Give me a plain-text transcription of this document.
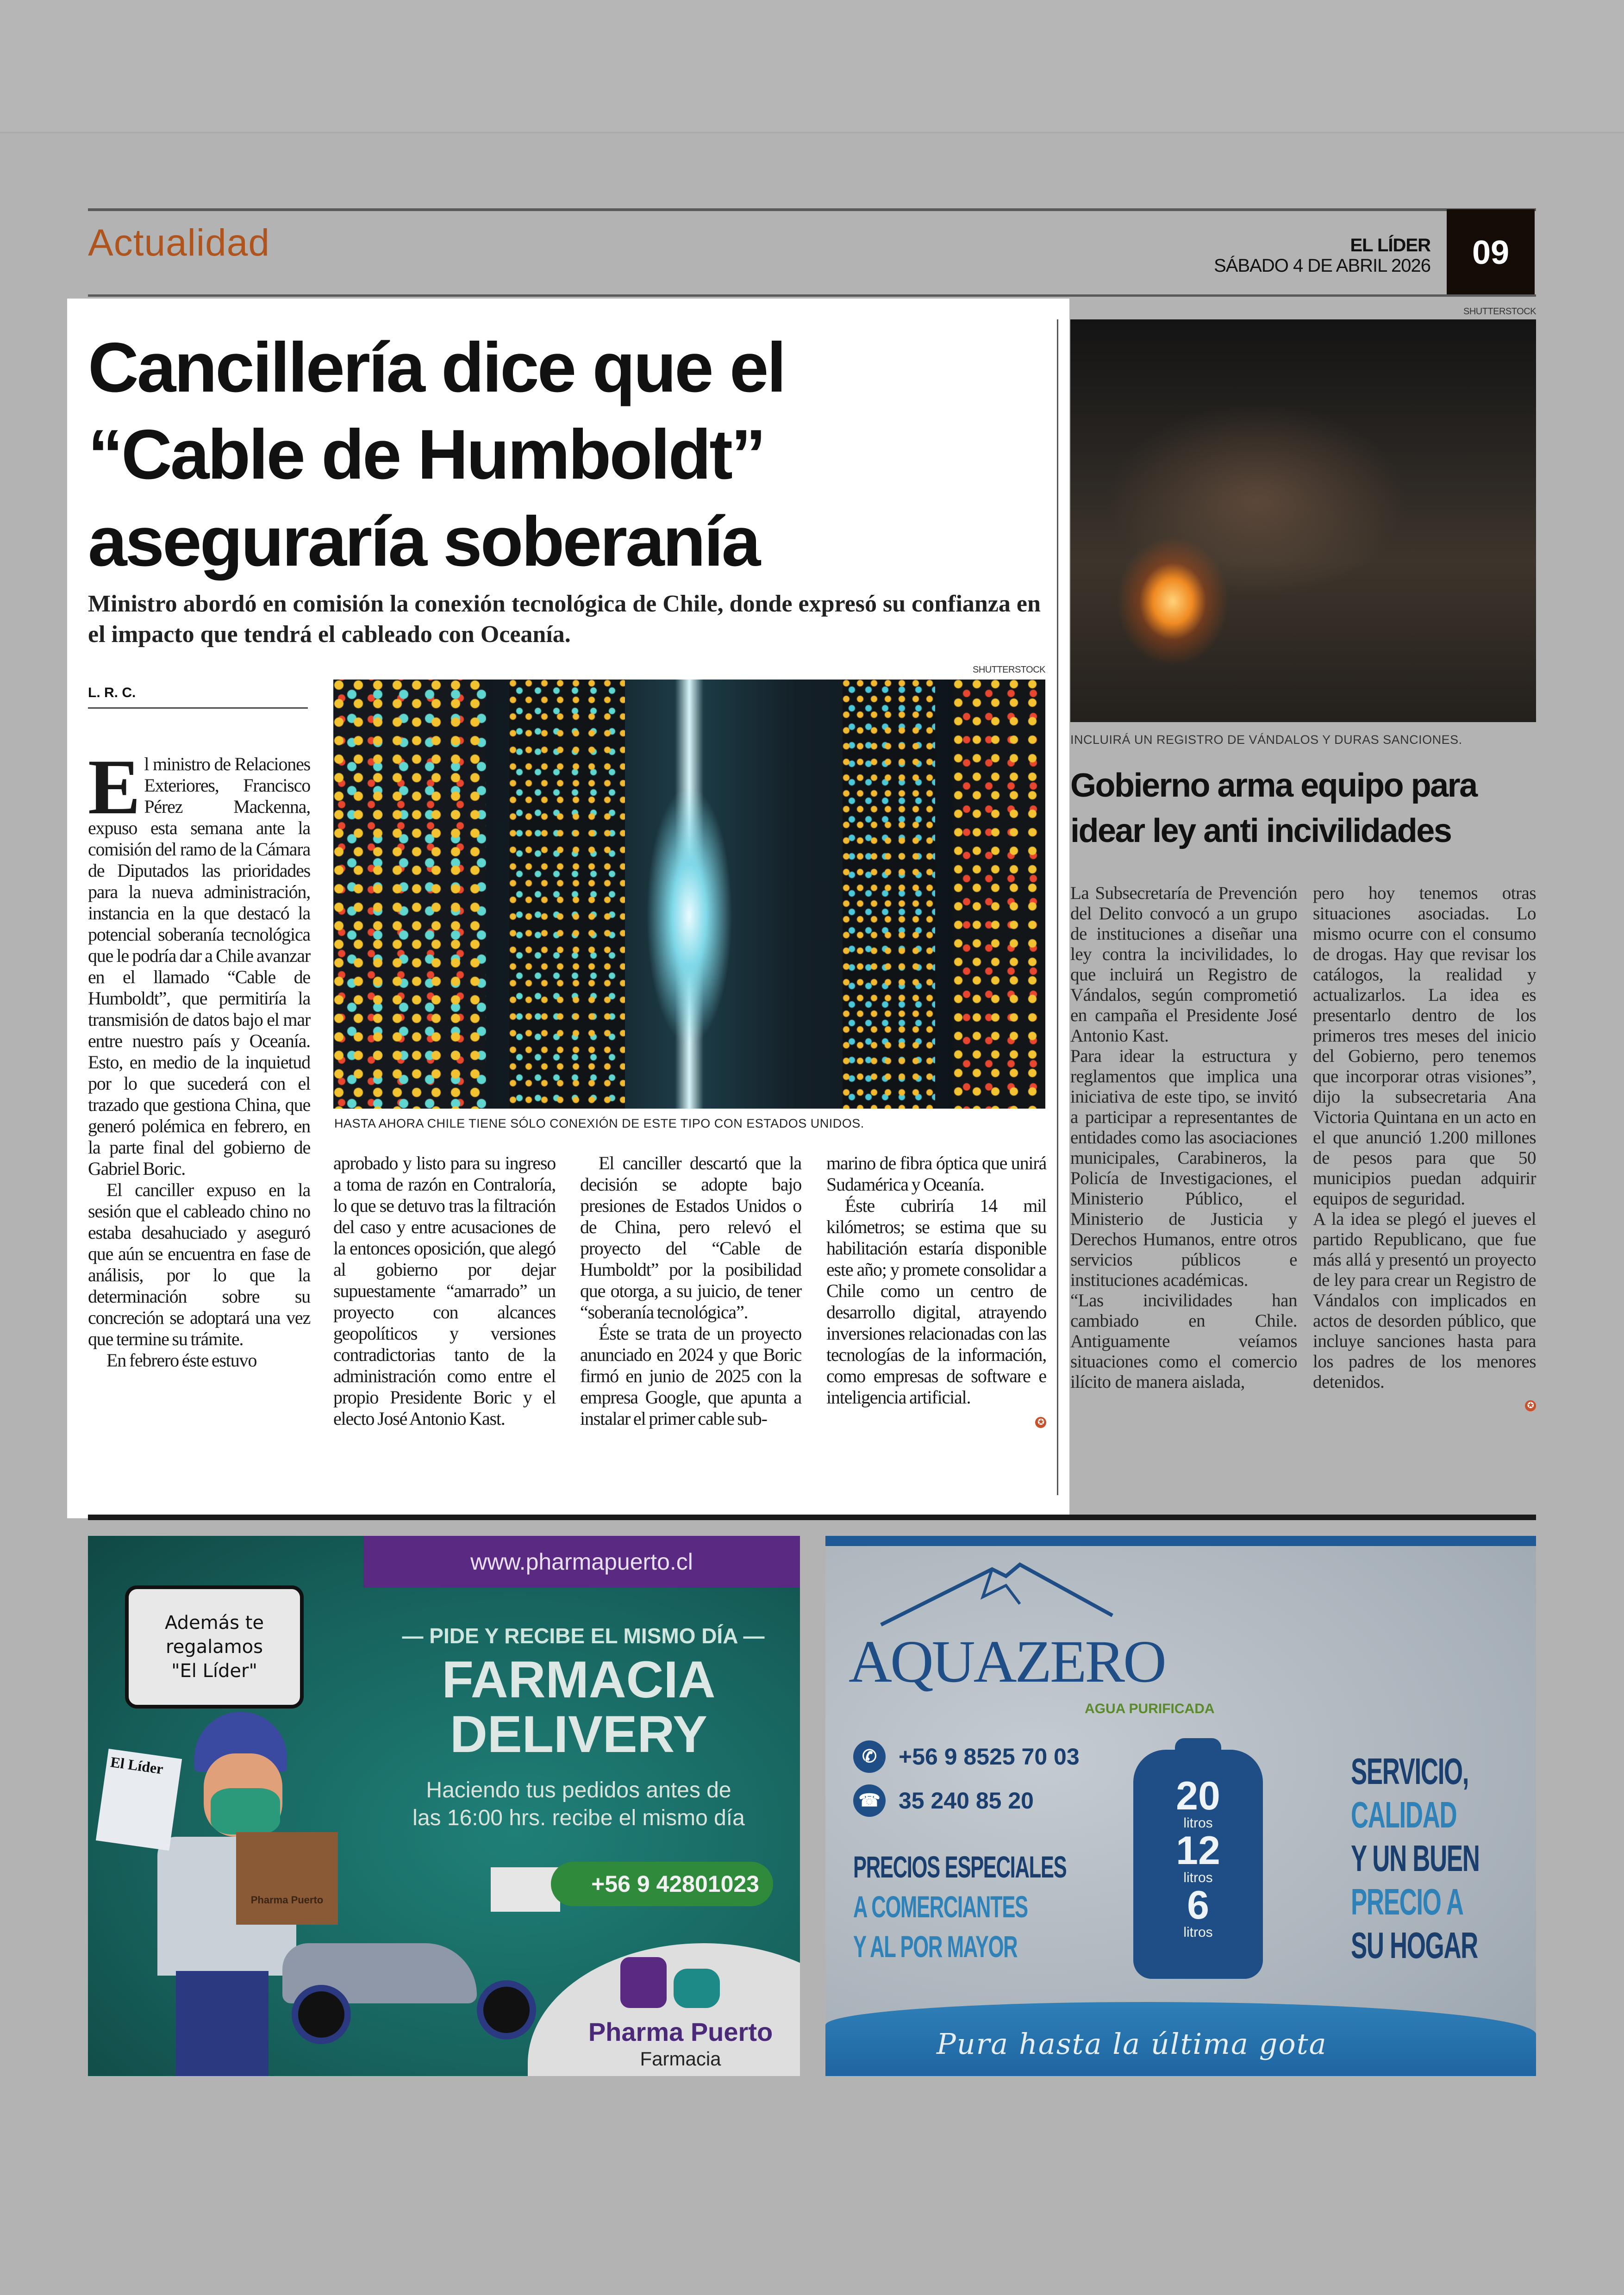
Actualidad	EL LÍDER
SÁBADO 4 DE ABRIL 2026	09
Cancillería dice que el
“Cable de Humboldt”
aseguraría soberanía
Ministro abordó en comisión la conexión tecnológica de Chile, donde expresó su confianza en el impacto que tendrá el cableado con Oceanía.
SHUTTERSTOCK
L. R. C.
HASTA AHORA CHILE TIENE SÓLO CONEXIÓN DE ESTE TIPO CON ESTADOS UNIDOS.
E l ministro de Relaciones Exteriores, Francisco Pérez Mackenna, expuso esta semana ante la comisión del ramo de la Cámara de Diputados las prioridades para la nueva administración, instancia en la que destacó la potencial soberanía tecnológica que le podría dar a Chile avanzar en el llamado “Cable de Humboldt”, que permitiría la transmisión de datos bajo el mar entre nuestro país y Oceanía. Esto, en medio de la inquietud por lo que sucederá con el trazado que gestiona China, que generó polémica en febrero, en la parte final del gobierno de Gabriel Boric.

El canciller expuso en la sesión que el cableado chino no estaba desahuciado y aseguró que aún se encuentra en fase de análisis, por lo que la determinación sobre su concreción se adoptará una vez que termine su trámite.

En febrero éste estuvo

aprobado y listo para su ingreso a toma de razón en Contraloría, lo que se detuvo tras la filtración del caso y entre acusaciones de la entonces oposición, que alegó al gobierno por dejar supuestamente “amarrado” un proyecto con alcances geopolíticos y versiones contradictorias tanto de la administración como entre el propio Presidente Boric y el electo José Antonio Kast.

El canciller descartó que la decisión se adopte bajo presiones de Estados Unidos o de China, pero relevó el proyecto del “Cable de Humboldt” por la posibilidad que otorga, a su juicio, de tener “soberanía tecnológica”.

Éste se trata de un proyecto anunciado en 2024 y que Boric firmó en junio de 2025 con la empresa Google, que apunta a instalar el primer cable sub-

marino de fibra óptica que unirá Sudamérica y Oceanía.

Éste cubriría 14 mil kilómetros; se estima que su habilitación estaría disponible este año; y promete consolidar a Chile como un centro de desarrollo digital, atrayendo inversiones relacionadas con las tecnologías de la información, como empresas de software e inteligencia artificial.

✪
SHUTTERSTOCK
INCLUIRÁ UN REGISTRO DE VÁNDALOS Y DURAS SANCIONES.
Gobierno arma equipo para
idear ley anti incivilidades

La Subsecretaría de Prevención del Delito convocó a un grupo de instituciones a diseñar una ley contra la incivilidades, lo que incluirá un Registro de Vándalos, según comprometió en campaña el Presidente José Antonio Kast.

Para idear la estructura y reglamentos que implica una iniciativa de este tipo, se invitó a participar a representantes de entidades como las asociaciones municipales, Carabineros, la Policía de Investigaciones, el Ministerio Público, el Ministerio de Justicia y Derechos Humanos, entre otros servicios públicos e instituciones académicas.

“Las incivilidades han cambiado en Chile. Antiguamente veíamos situaciones como el comercio ilícito de manera aislada,

pero hoy tenemos otras situaciones asociadas. Lo mismo ocurre con el consumo de drogas. Hay que revisar los catálogos, la realidad y actualizarlos. La idea es presentarlo dentro de los primeros tres meses del inicio del Gobierno, pero tenemos que incorporar otras visiones”, dijo la subsecretaria Ana Victoria Quintana en un acto en el que anunció 1.200 millones de pesos para que 50 municipios puedan adquirir equipos de seguridad.

A la idea se plegó el jueves el partido Republicano, que fue más allá y presentó un proyecto de ley para crear un Registro de Vándalos con implicados en actos de desorden público, que incluye sanciones hasta para los padres de los menores detenidos.

✪
www.pharmapuerto.cl
Además te
regalamos
"El Líder"
— PIDE Y RECIBE EL MISMO DÍA —
FARMACIA
DELIVERY
Haciendo tus pedidos antes de
las 16:00 hrs. recibe el mismo día
El Líder
Pharma Puerto
+56 9 42801023
Pharma Puerto
Farmacia
AQUAZERO
AGUA PURIFICADA
✆ +56 9 8525 70 03
☎ 35 240 85 20
PRECIOS ESPECIALES
A COMERCIANTES
Y AL POR MAYOR
20
litros
12
litros
6
litros
SERVICIO,
CALIDAD
Y UN BUEN
PRECIO A
SU HOGAR
Pura hasta la última gota
